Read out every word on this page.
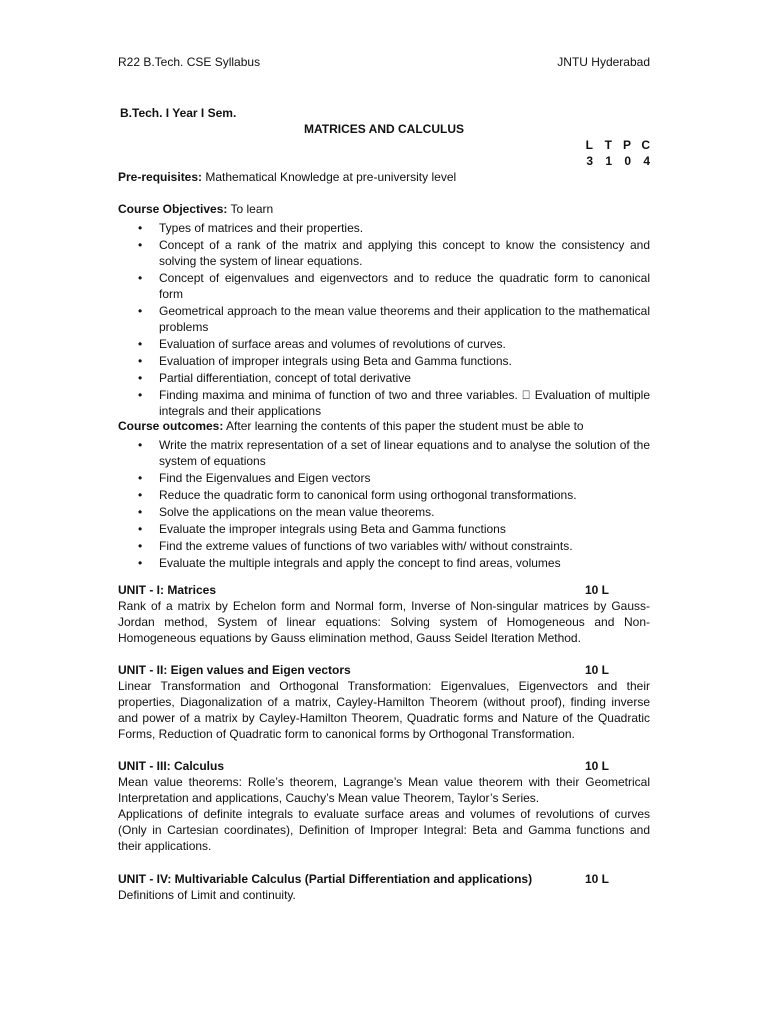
R22 B.Tech. CSE Syllabus	JNTU Hyderabad
B.Tech. I Year I Sem.
MATRICES AND CALCULUS
L T P C
3	1	0	4
Pre-requisites: Mathematical Knowledge at pre-university level
Course Objectives: To learn
• Types of matrices and their properties.
• Concept of a rank of the matrix and applying this concept to know the consistency and solving the system of linear equations.
• Concept of eigenvalues and eigenvectors and to reduce the quadratic form to canonical form
• Geometrical approach to the mean value theorems and their application to the mathematical problems
• Evaluation of surface areas and volumes of revolutions of curves.
• Evaluation of improper integrals using Beta and Gamma functions.
• Partial differentiation, concept of total derivative
• Finding maxima and minima of function of two and three variables. Evaluation of multiple integrals and their applications
Course outcomes: After learning the contents of this paper the student must be able to
• Write the matrix representation of a set of linear equations and to analyse the solution of the system of equations
• Find the Eigenvalues and Eigen vectors
• Reduce the quadratic form to canonical form using orthogonal transformations.
• Solve the applications on the mean value theorems.
• Evaluate the improper integrals using Beta and Gamma functions
• Find the extreme values of functions of two variables with/ without constraints.
• Evaluate the multiple integrals and apply the concept to find areas, volumes
UNIT - I: Matrices	10 L

Rank of a matrix by Echelon form and Normal form, Inverse of Non-singular matrices by Gauss-Jordan method, System of linear equations: Solving system of Homogeneous and Non-Homogeneous equations by Gauss elimination method, Gauss Seidel Iteration Method.

UNIT - II: Eigen values and Eigen vectors	10 L

Linear Transformation and Orthogonal Transformation: Eigenvalues, Eigenvectors and their properties, Diagonalization of a matrix, Cayley-Hamilton Theorem (without proof), finding inverse and power of a matrix by Cayley-Hamilton Theorem, Quadratic forms and Nature of the Quadratic Forms, Reduction of Quadratic form to canonical forms by Orthogonal Transformation.

UNIT - III: Calculus	10 L

Mean value theorems: Rolle’s theorem, Lagrange’s Mean value theorem with their Geometrical Interpretation and applications, Cauchy’s Mean value Theorem, Taylor’s Series.

Applications of definite integrals to evaluate surface areas and volumes of revolutions of curves (Only in Cartesian coordinates), Definition of Improper Integral: Beta and Gamma functions and their applications.

UNIT - IV: Multivariable Calculus (Partial Differentiation and applications)	10 L

Definitions of Limit and continuity.
